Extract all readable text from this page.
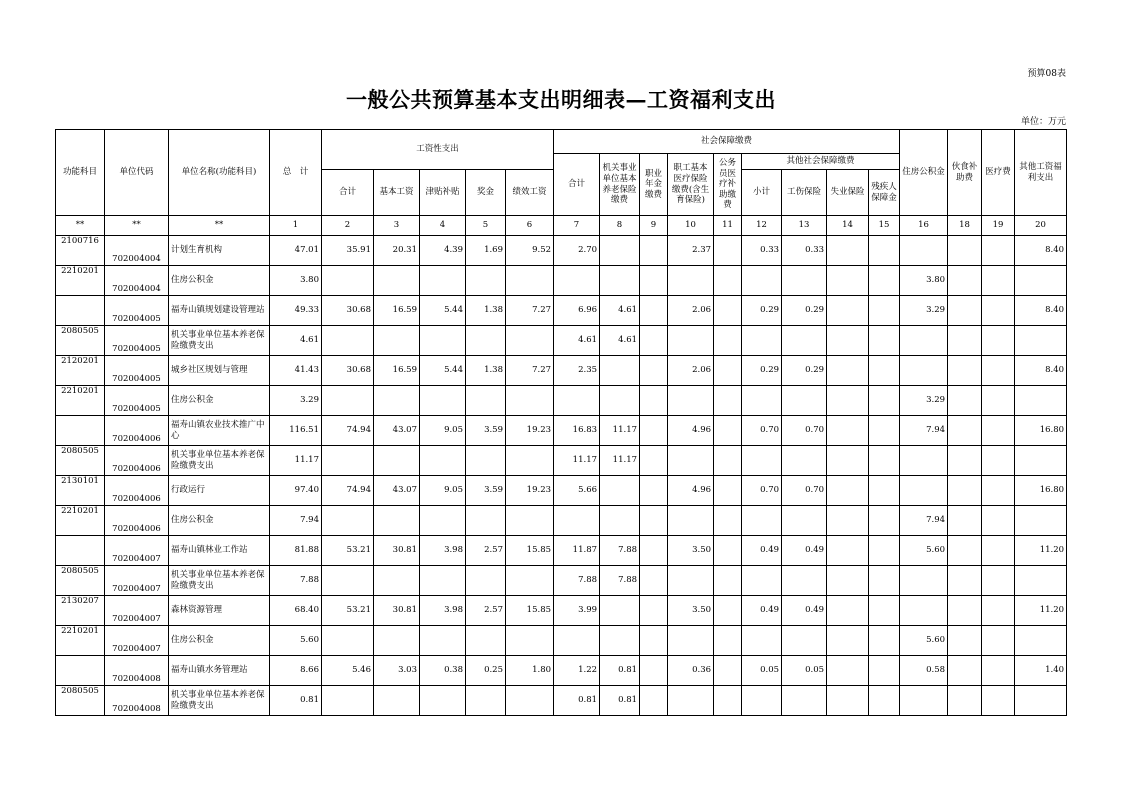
预算08表
一般公共预算基本支出明细表—工资福利支出
单位：万元
功能科目	单位代码	单位名称(功能科目)	总　计	工资性支出					社会保障缴费									住房公积金	伙食补助费	医疗费	其他工资福利支出
									合计	机关事业单位基本养老保险缴费	职业年金缴费	职工基本医疗保险缴费(含生育保险)	公务员医疗补助缴费	其他社会保障缴费							
				合计	基本工资	津贴补贴	奖金	绩效工资						小计	工伤保险	失业保险	残疾人保障金				
**	**	**	1	2	3	4	5	6	7	8	9	10	11	12	13	14	15	16	18	19	20
2100716	702004004	计划生育机构	47.01	35.91	20.31	4.39	1.69	9.52	2.70			2.37		0.33	0.33						8.40
2210201	702004004	住房公积金	3.80															3.80			
	702004005	福寿山镇规划建设管理站	49.33	30.68	16.59	5.44	1.38	7.27	6.96	4.61		2.06		0.29	0.29			3.29			8.40
2080505	702004005	机关事业单位基本养老保险缴费支出	4.61						4.61	4.61											
2120201	702004005	城乡社区规划与管理	41.43	30.68	16.59	5.44	1.38	7.27	2.35			2.06		0.29	0.29						8.40
2210201	702004005	住房公积金	3.29															3.29			
	702004006	福寿山镇农业技术推广中心	116.51	74.94	43.07	9.05	3.59	19.23	16.83	11.17		4.96		0.70	0.70			7.94			16.80
2080505	702004006	机关事业单位基本养老保险缴费支出	11.17						11.17	11.17											
2130101	702004006	行政运行	97.40	74.94	43.07	9.05	3.59	19.23	5.66			4.96		0.70	0.70						16.80
2210201	702004006	住房公积金	7.94															7.94			
	702004007	福寿山镇林业工作站	81.88	53.21	30.81	3.98	2.57	15.85	11.87	7.88		3.50		0.49	0.49			5.60			11.20
2080505	702004007	机关事业单位基本养老保险缴费支出	7.88						7.88	7.88											
2130207	702004007	森林资源管理	68.40	53.21	30.81	3.98	2.57	15.85	3.99			3.50		0.49	0.49						11.20
2210201	702004007	住房公积金	5.60															5.60			
	702004008	福寿山镇水务管理站	8.66	5.46	3.03	0.38	0.25	1.80	1.22	0.81		0.36		0.05	0.05			0.58			1.40
2080505	702004008	机关事业单位基本养老保险缴费支出	0.81						0.81	0.81											
